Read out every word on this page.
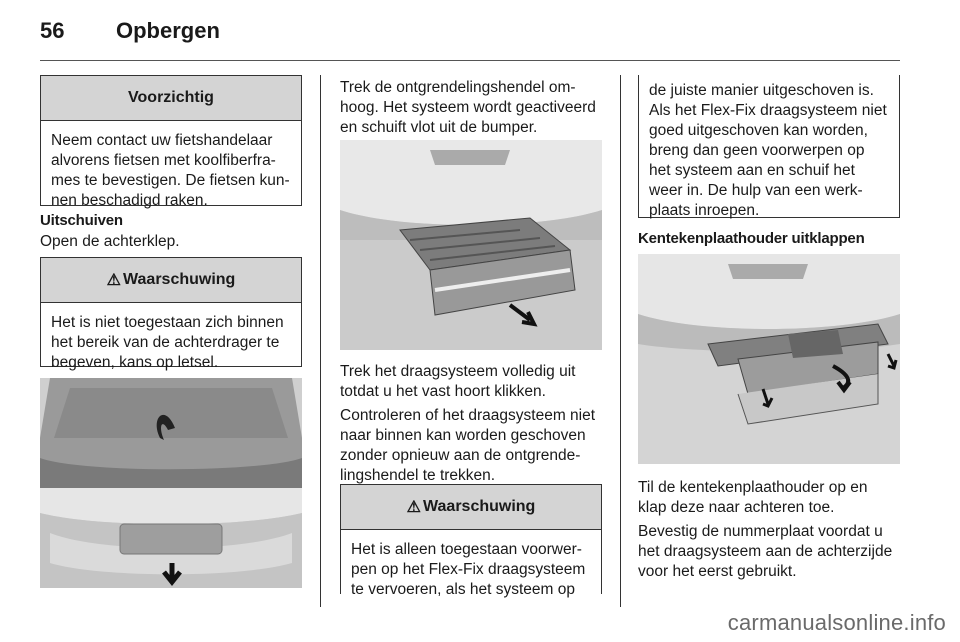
56 Opbergen
Voorzichtig
Neem contact uw fietshandelaar
alvorens fietsen met koolfiberfra-
mes te bevestigen. De fietsen kun-
nen beschadigd raken.
Uitschuiven
Open de achterklep.
⚠ Waarschuwing
Het is niet toegestaan zich binnen
het bereik van de achterdrager te
begeven, kans op letsel.
Trek de ontgrendelingshendel om-
hoog. Het systeem wordt geactiveerd
en schuift vlot uit de bumper.
Trek het draagsysteem volledig uit
totdat u het vast hoort klikken.
Controleren of het draagsysteem niet
naar binnen kan worden geschoven
zonder opnieuw aan de ontgrende-
lingshendel te trekken.
⚠ Waarschuwing
Het is alleen toegestaan voorwer-
pen op het Flex-Fix draagsysteem
te vervoeren, als het systeem op
de juiste manier uitgeschoven is.
Als het Flex-Fix draagsysteem niet
goed uitgeschoven kan worden,
breng dan geen voorwerpen op
het systeem aan en schuif het
weer in. De hulp van een werk-
plaats inroepen.
Kentekenplaathouder uitklappen
Til de kentekenplaathouder op en
klap deze naar achteren toe.
Bevestig de nummerplaat voordat u
het draagsysteem aan de achterzijde
voor het eerst gebruikt.
carmanualsonline.info
